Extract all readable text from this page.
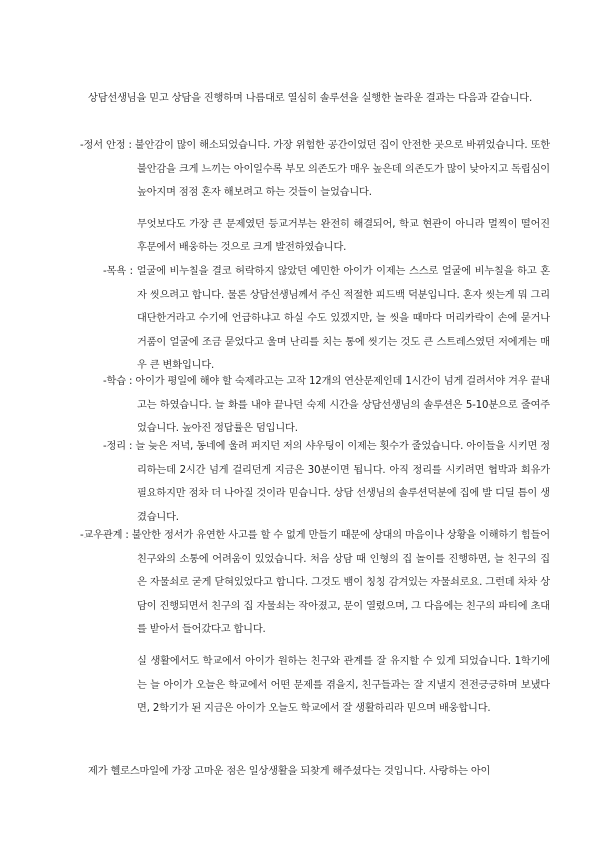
상담선생님을 믿고 상담을 진행하며 나름대로 열심히 솔루션을 실행한 놀라운 결과는 다음과 같습니다.
-정서 안정 : 불안감이 많이 해소되었습니다. 가장 위험한 공간이었던 집이 안전한 곳으로 바뀌었습니다. 또한 불안감을 크게 느끼는 아이일수록 부모 의존도가 매우 높은데 의존도가 많이 낮아지고 독립심이 높아지며 점점 혼자 해보려고 하는 것들이 늘었습니다.
무엇보다도 가장 큰 문제였던 등교거부는 완전히 해결되어, 학교 현관이 아니라 멀찍이 떨어진 후문에서 배웅하는 것으로 크게 발전하였습니다.
-목욕 : 얼굴에 비누칠을 결코 허락하지 않았던 예민한 아이가 이제는 스스로 얼굴에 비누칠을 하고 혼자 씻으려고 합니다. 물론 상담선생님께서 주신 적절한 피드백 덕분입니다. 혼자 씻는게 뭐 그리 대단한거라고 수기에 언급하냐고 하실 수도 있겠지만, 늘 씻을 때마다 머리카락이 손에 묻거나 거품이 얼굴에 조금 묻었다고 울며 난리를 치는 통에 씻기는 것도 큰 스트레스였던 저에게는 매우 큰 변화입니다.
-학습 : 아이가 평일에 해야 할 숙제라고는 고작 12개의 연산문제인데 1시간이 넘게 걸려서야 겨우 끝내고는 하였습니다. 늘 화를 내야 끝나던 숙제 시간을 상담선생님의 솔루션은 5-10분으로 줄여주었습니다. 높아진 정답률은 덤입니다.
-정리 : 늘 늦은 저녁, 동네에 울려 퍼지던 저의 샤우팅이 이제는 횟수가 줄었습니다. 아이들을 시키면 정리하는데 2시간 넘게 걸리던게 지금은 30분이면 됩니다. 아직 정리를 시키려면 협박과 회유가 필요하지만 점차 더 나아질 것이라 믿습니다. 상담 선생님의 솔루션덕분에 집에 발 디딜 틈이 생겼습니다.
-교우관계 : 불안한 정서가 유연한 사고를 할 수 없게 만들기 때문에 상대의 마음이나 상황을 이해하기 힘들어 친구와의 소통에 어려움이 있었습니다. 처음 상담 때 인형의 집 놀이를 진행하면, 늘 친구의 집은 자물쇠로 굳게 닫혀있었다고 합니다. 그것도 뱀이 칭칭 감겨있는 자물쇠로요. 그런데 차차 상담이 진행되면서 친구의 집 자물쇠는 작아졌고, 문이 열렸으며, 그 다음에는 친구의 파티에 초대를 받아서 들어갔다고 합니다.
실 생활에서도 학교에서 아이가 원하는 친구와 관계를 잘 유지할 수 있게 되었습니다. 1학기에는 늘 아이가 오늘은 학교에서 어떤 문제를 겪을지, 친구들과는 잘 지낼지 전전긍긍하며 보냈다면, 2학기가 된 지금은 아이가 오늘도 학교에서 잘 생활하리라 믿으며 배웅합니다.
제가 헬로스마일에 가장 고마운 점은 일상생활을 되찾게 해주셨다는 것입니다. 사랑하는 아이
